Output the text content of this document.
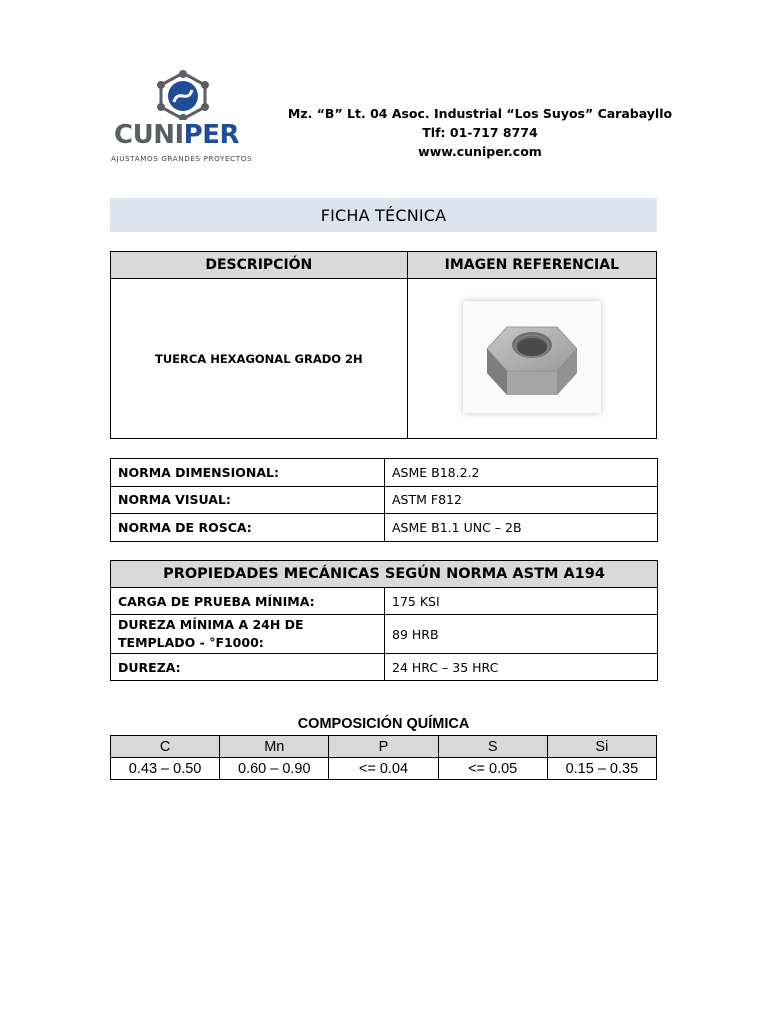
CUNIPER
AJUSTAMOS GRANDES PROYECTOS
Mz. “B” Lt. 04 Asoc. Industrial “Los Suyos” Carabayllo
Tlf: 01-717 8774
www.cuniper.com
FICHA TÉCNICA
DESCRIPCIÓN	IMAGEN REFERENCIAL
TUERCA HEXAGONAL GRADO 2H	
NORMA DIMENSIONAL:	ASME B18.2.2
NORMA VISUAL:	ASTM F812
NORMA DE ROSCA:	ASME B1.1 UNC – 2B
PROPIEDADES MECÁNICAS SEGÚN NORMA ASTM A194	
CARGA DE PRUEBA MÍNIMA:	175 KSI
DUREZA MÍNIMA A 24H DE TEMPLADO - °F1000:	89 HRB
DUREZA:	24 HRC – 35 HRC
COMPOSICIÓN QUÍMICA
C	Mn	P	S	Si
0.43 – 0.50	0.60 – 0.90	<= 0.04	<= 0.05	0.15 – 0.35
